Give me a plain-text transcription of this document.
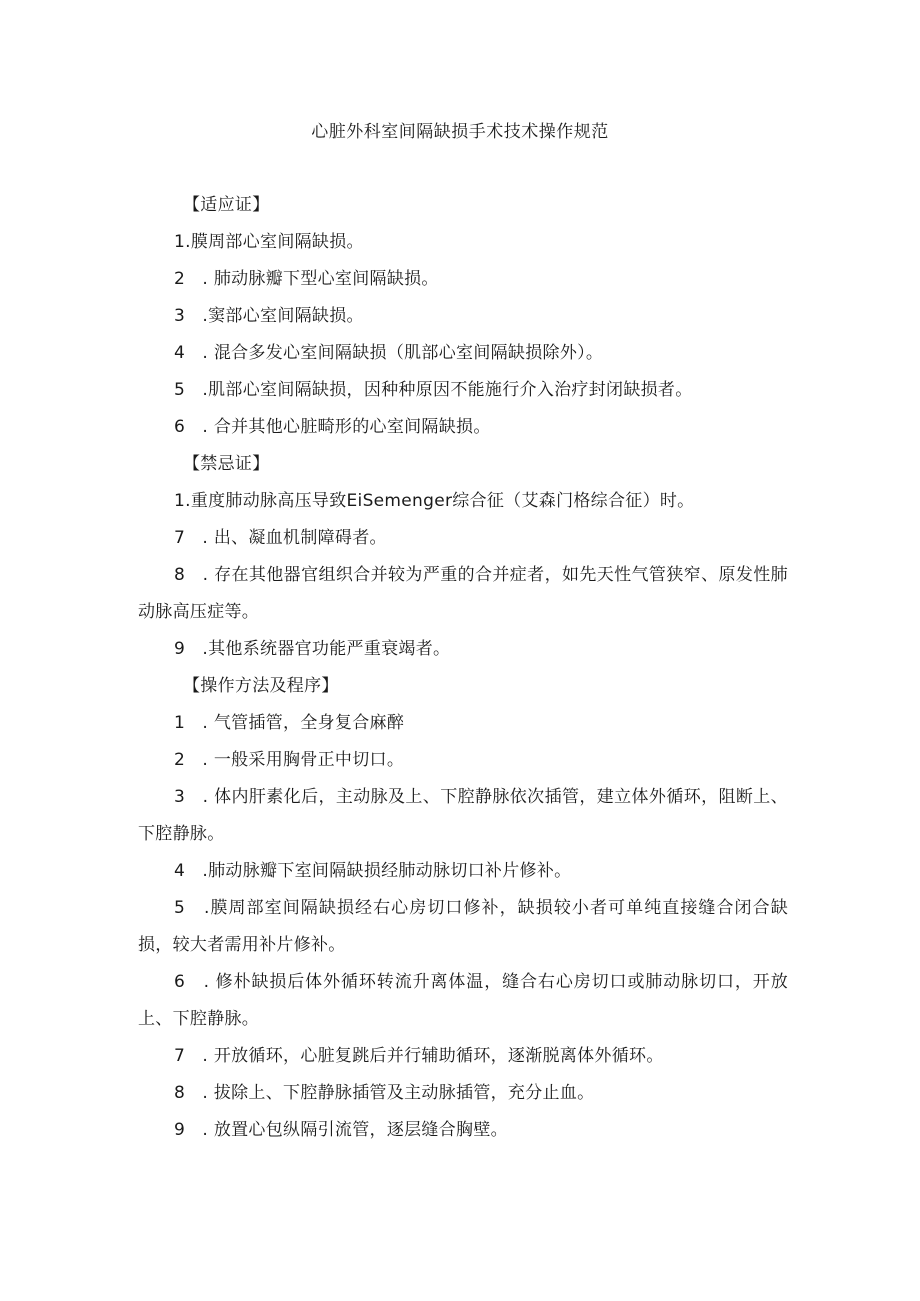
心脏外科室间隔缺损手术技术操作规范

【适应证】

1.膜周部心室间隔缺损。

2　. 肺动脉瓣下型心室间隔缺损。

3　.窦部心室间隔缺损。

4　. 混合多发心室间隔缺损（肌部心室间隔缺损除外）。

5　.肌部心室间隔缺损，因种种原因不能施行介入治疗封闭缺损者。

6　. 合并其他心脏畸形的心室间隔缺损。

【禁忌证】

1.重度肺动脉高压导致EiSemenger综合征（艾森门格综合征）时。

7　. 出、凝血机制障碍者。

8　. 存在其他器官组织合并较为严重的合并症者，如先天性气管狭窄、原发性肺动脉高压症等。

9　.其他系统器官功能严重衰竭者。

【操作方法及程序】

1　. 气管插管，全身复合麻醉

2　. 一般采用胸骨正中切口。

3　. 体内肝素化后，主动脉及上、下腔静脉依次插管，建立体外循环，阻断上、下腔静脉。

4　.肺动脉瓣下室间隔缺损经肺动脉切口补片修补。

5　.膜周部室间隔缺损经右心房切口修补，缺损较小者可单纯直接缝合闭合缺损，较大者需用补片修补。

6　. 修朴缺损后体外循环转流升离体温，缝合右心房切口或肺动脉切口，开放上、下腔静脉。

7　. 开放循环，心脏复跳后并行辅助循环，逐渐脱离体外循环。

8　. 拔除上、下腔静脉插管及主动脉插管，充分止血。

9　. 放置心包纵隔引流管，逐层缝合胸壁。
